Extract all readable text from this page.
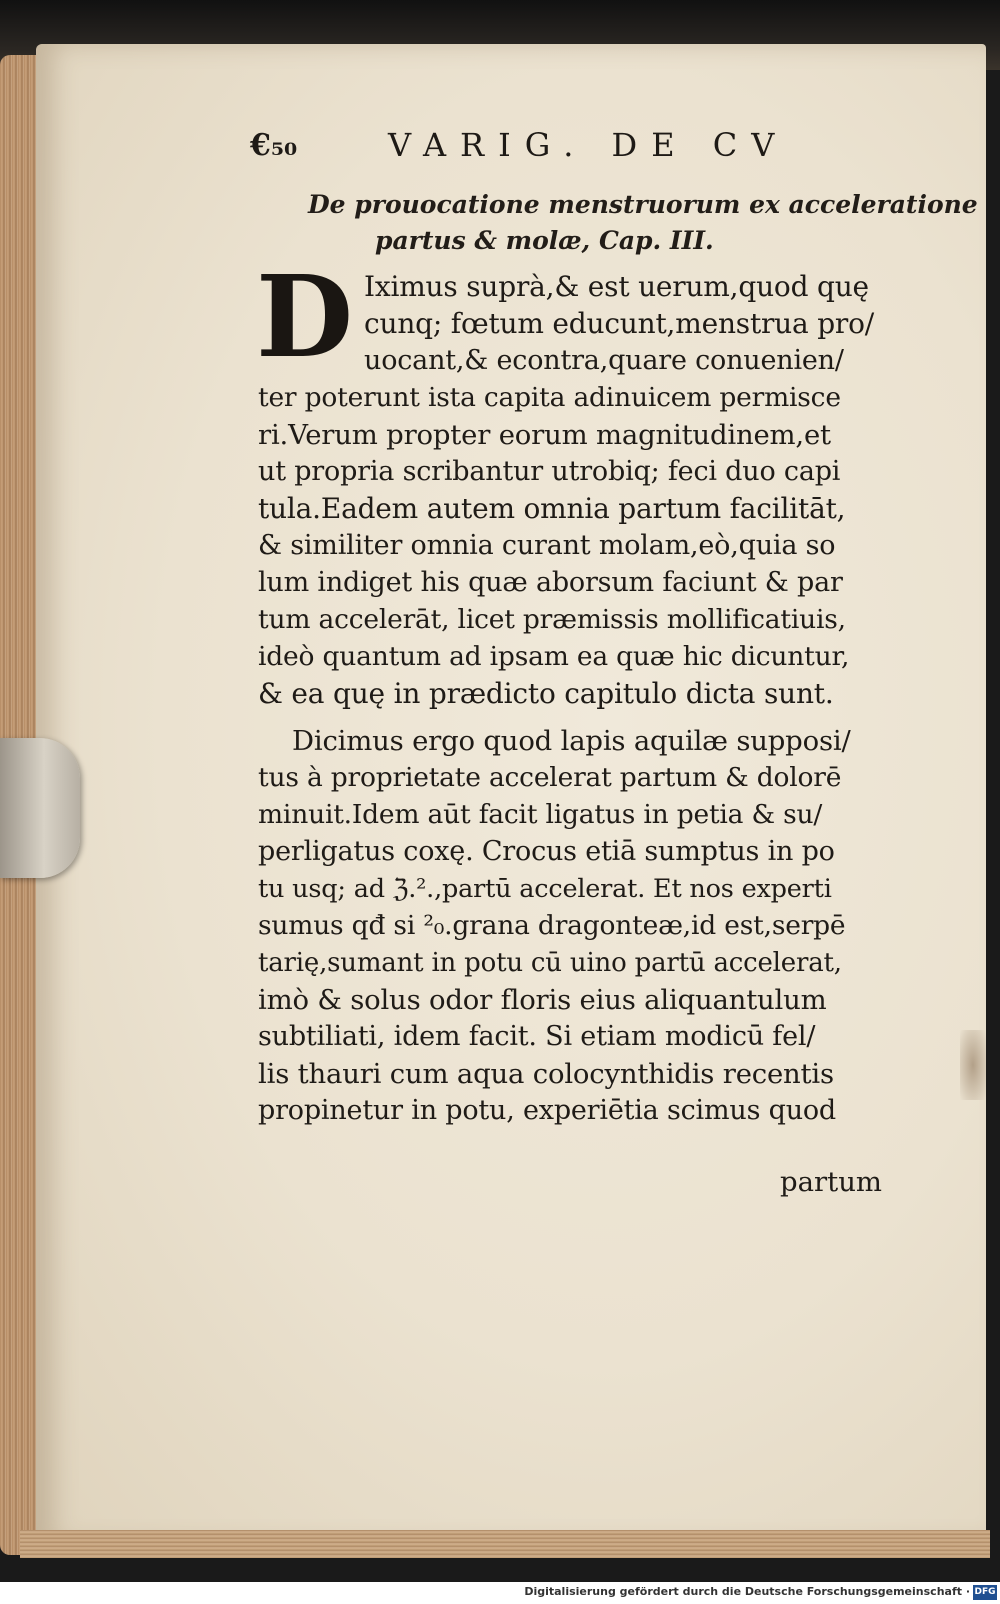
€₅₀	VARIG. DE CV
De prouocatione menstruorum ex acceleratione
partus & molæ, Cap. III.
D Iximus suprà,& est uerum,quod quę
cunq; fœtum educunt,menstrua pro/
uocant,& econtra,quare conuenien/
ter poterunt ista capita adinuicem permisce
ri.Verum propter eorum magnitudinem,et
ut propria scribantur utrobiq; feci duo capi
tula.Eadem autem omnia partum facilitāt,
& similiter omnia curant molam,eò,quia so
lum indiget his quæ aborsum faciunt & par
tum accelerāt, licet præmissis mollificatiuis,
ideò quantum ad ipsam ea quæ hic dicuntur,
& ea quę in prædicto capitulo dicta sunt.
Dicimus ergo quod lapis aquilæ supposi/
tus à proprietate accelerat partum & dolorē
minuit.Idem aūt facit ligatus in petia & su/
perligatus coxę. Crocus etiā sumptus in po
tu usq; ad ℨ.².,partū accelerat. Et nos experti
sumus qđ si ²₀.grana dragonteæ,id est,serpē
tarię,sumant in potu cū uino partū accelerat,
imò & solus odor floris eius aliquantulum
subtiliati, idem facit. Si etiam modicū fel/
lis thauri cum aqua colocynthidis recentis
propinetur in potu, experiētia scimus quod
partum
Digitalisierung gefördert durch die Deutsche Forschungsgemeinschaft · DFG
